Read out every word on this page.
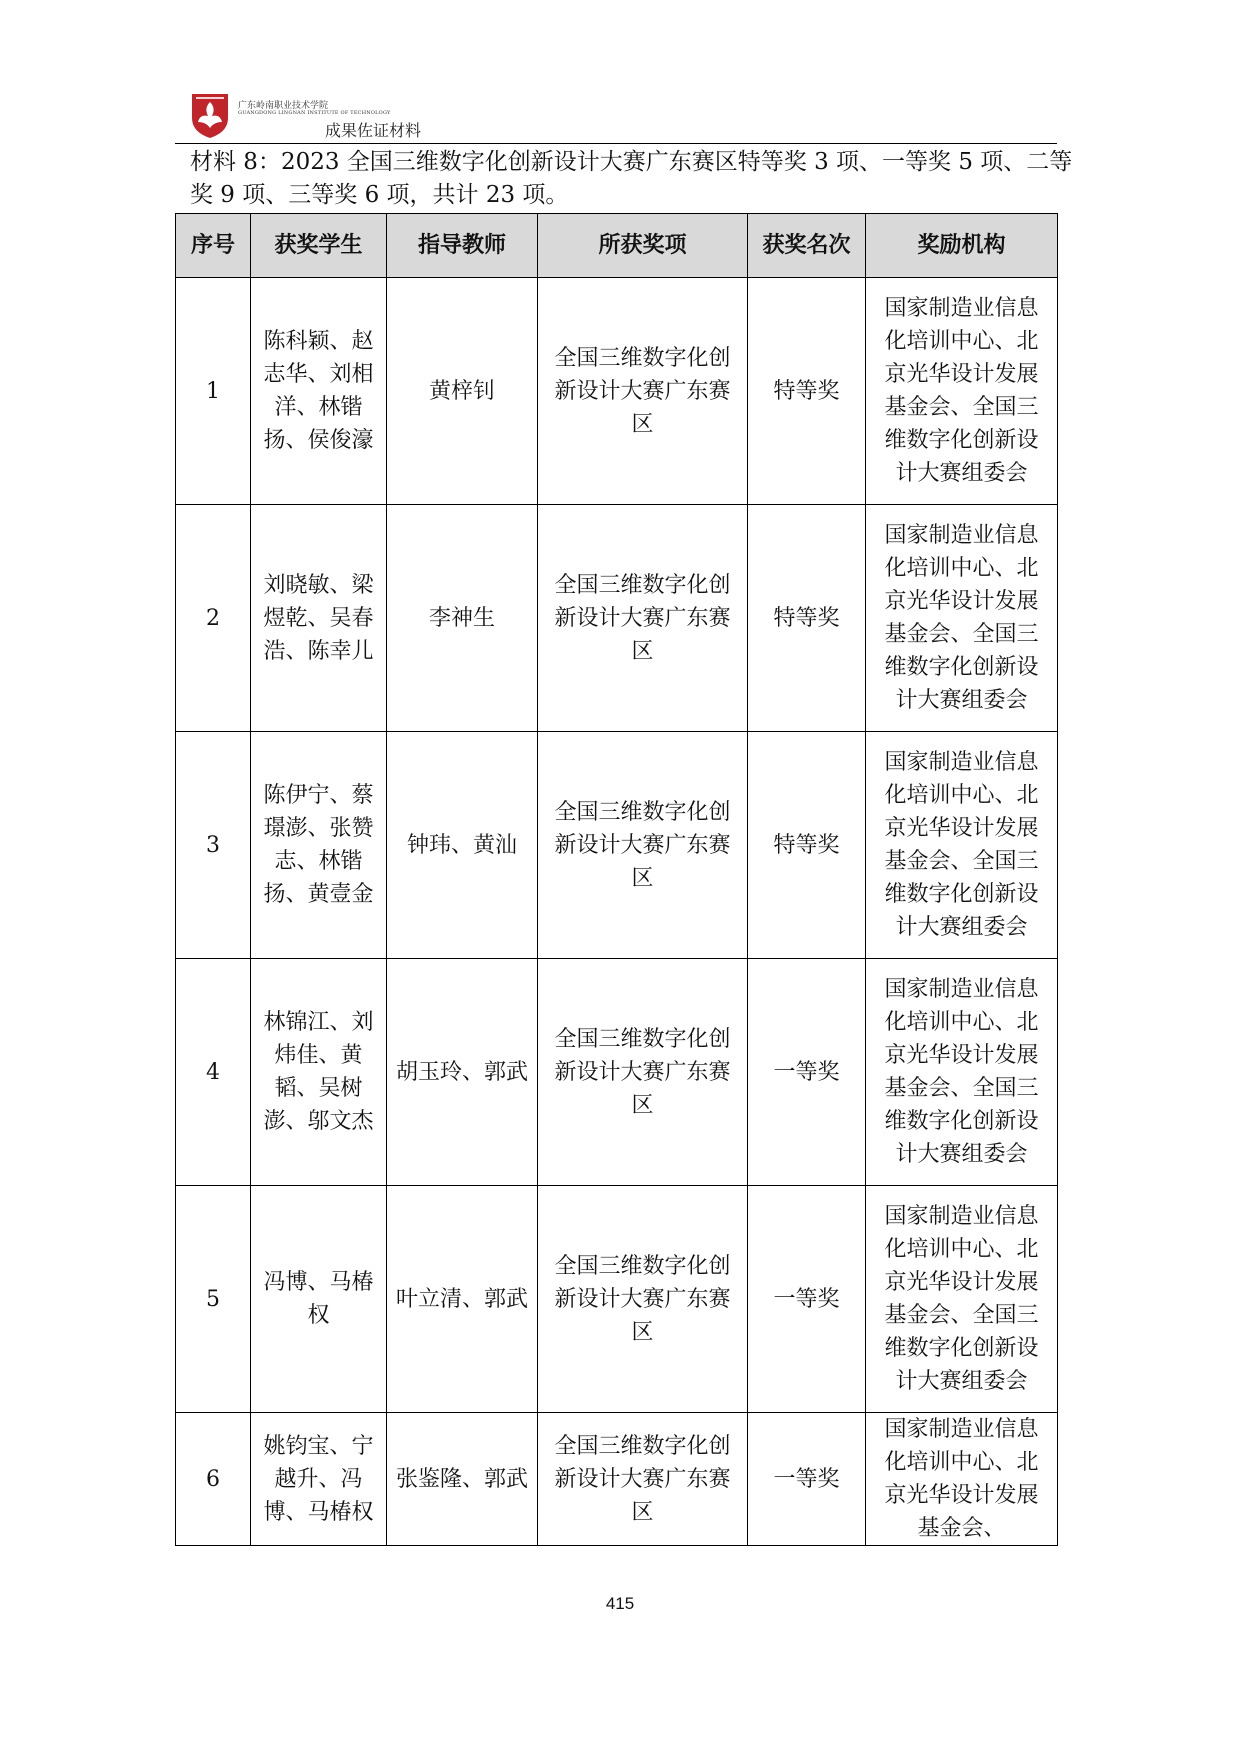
广东岭南职业技术学院
GUANGDONG LINGNAN INSTITUTE OF TECHNOLOGY
成果佐证材料
材料 8：2023 全国三维数字化创新设计大赛广东赛区特等奖 3 项、一等奖 5 项、二等奖 9 项、三等奖 6 项，共计 23 项。
序号	获奖学生	指导教师	所获奖项	获奖名次	奖励机构
1	陈科颖、赵志华、刘相洋、林锴扬、侯俊濠	黄梓钊	全国三维数字化创新设计大赛广东赛区	特等奖	国家制造业信息化培训中心、北京光华设计发展基金会、全国三维数字化创新设计大赛组委会
2	刘晓敏、梁煜乾、吴春浩、陈幸儿	李神生	全国三维数字化创新设计大赛广东赛区	特等奖	国家制造业信息化培训中心、北京光华设计发展基金会、全国三维数字化创新设计大赛组委会
3	陈伊宁、蔡璟澎、张赞志、林锴扬、黄壹金	钟玮、黄汕	全国三维数字化创新设计大赛广东赛区	特等奖	国家制造业信息化培训中心、北京光华设计发展基金会、全国三维数字化创新设计大赛组委会
4	林锦江、刘炜佳、黄韬、吴树澎、邬文杰	胡玉玲、郭武	全国三维数字化创新设计大赛广东赛区	一等奖	国家制造业信息化培训中心、北京光华设计发展基金会、全国三维数字化创新设计大赛组委会
5	冯博、马椿权	叶立清、郭武	全国三维数字化创新设计大赛广东赛区	一等奖	国家制造业信息化培训中心、北京光华设计发展基金会、全国三维数字化创新设计大赛组委会
6	姚钧宝、宁越升、冯博、马椿权	张鉴隆、郭武	全国三维数字化创新设计大赛广东赛区	一等奖	国家制造业信息化培训中心、北京光华设计发展基金会、
415
